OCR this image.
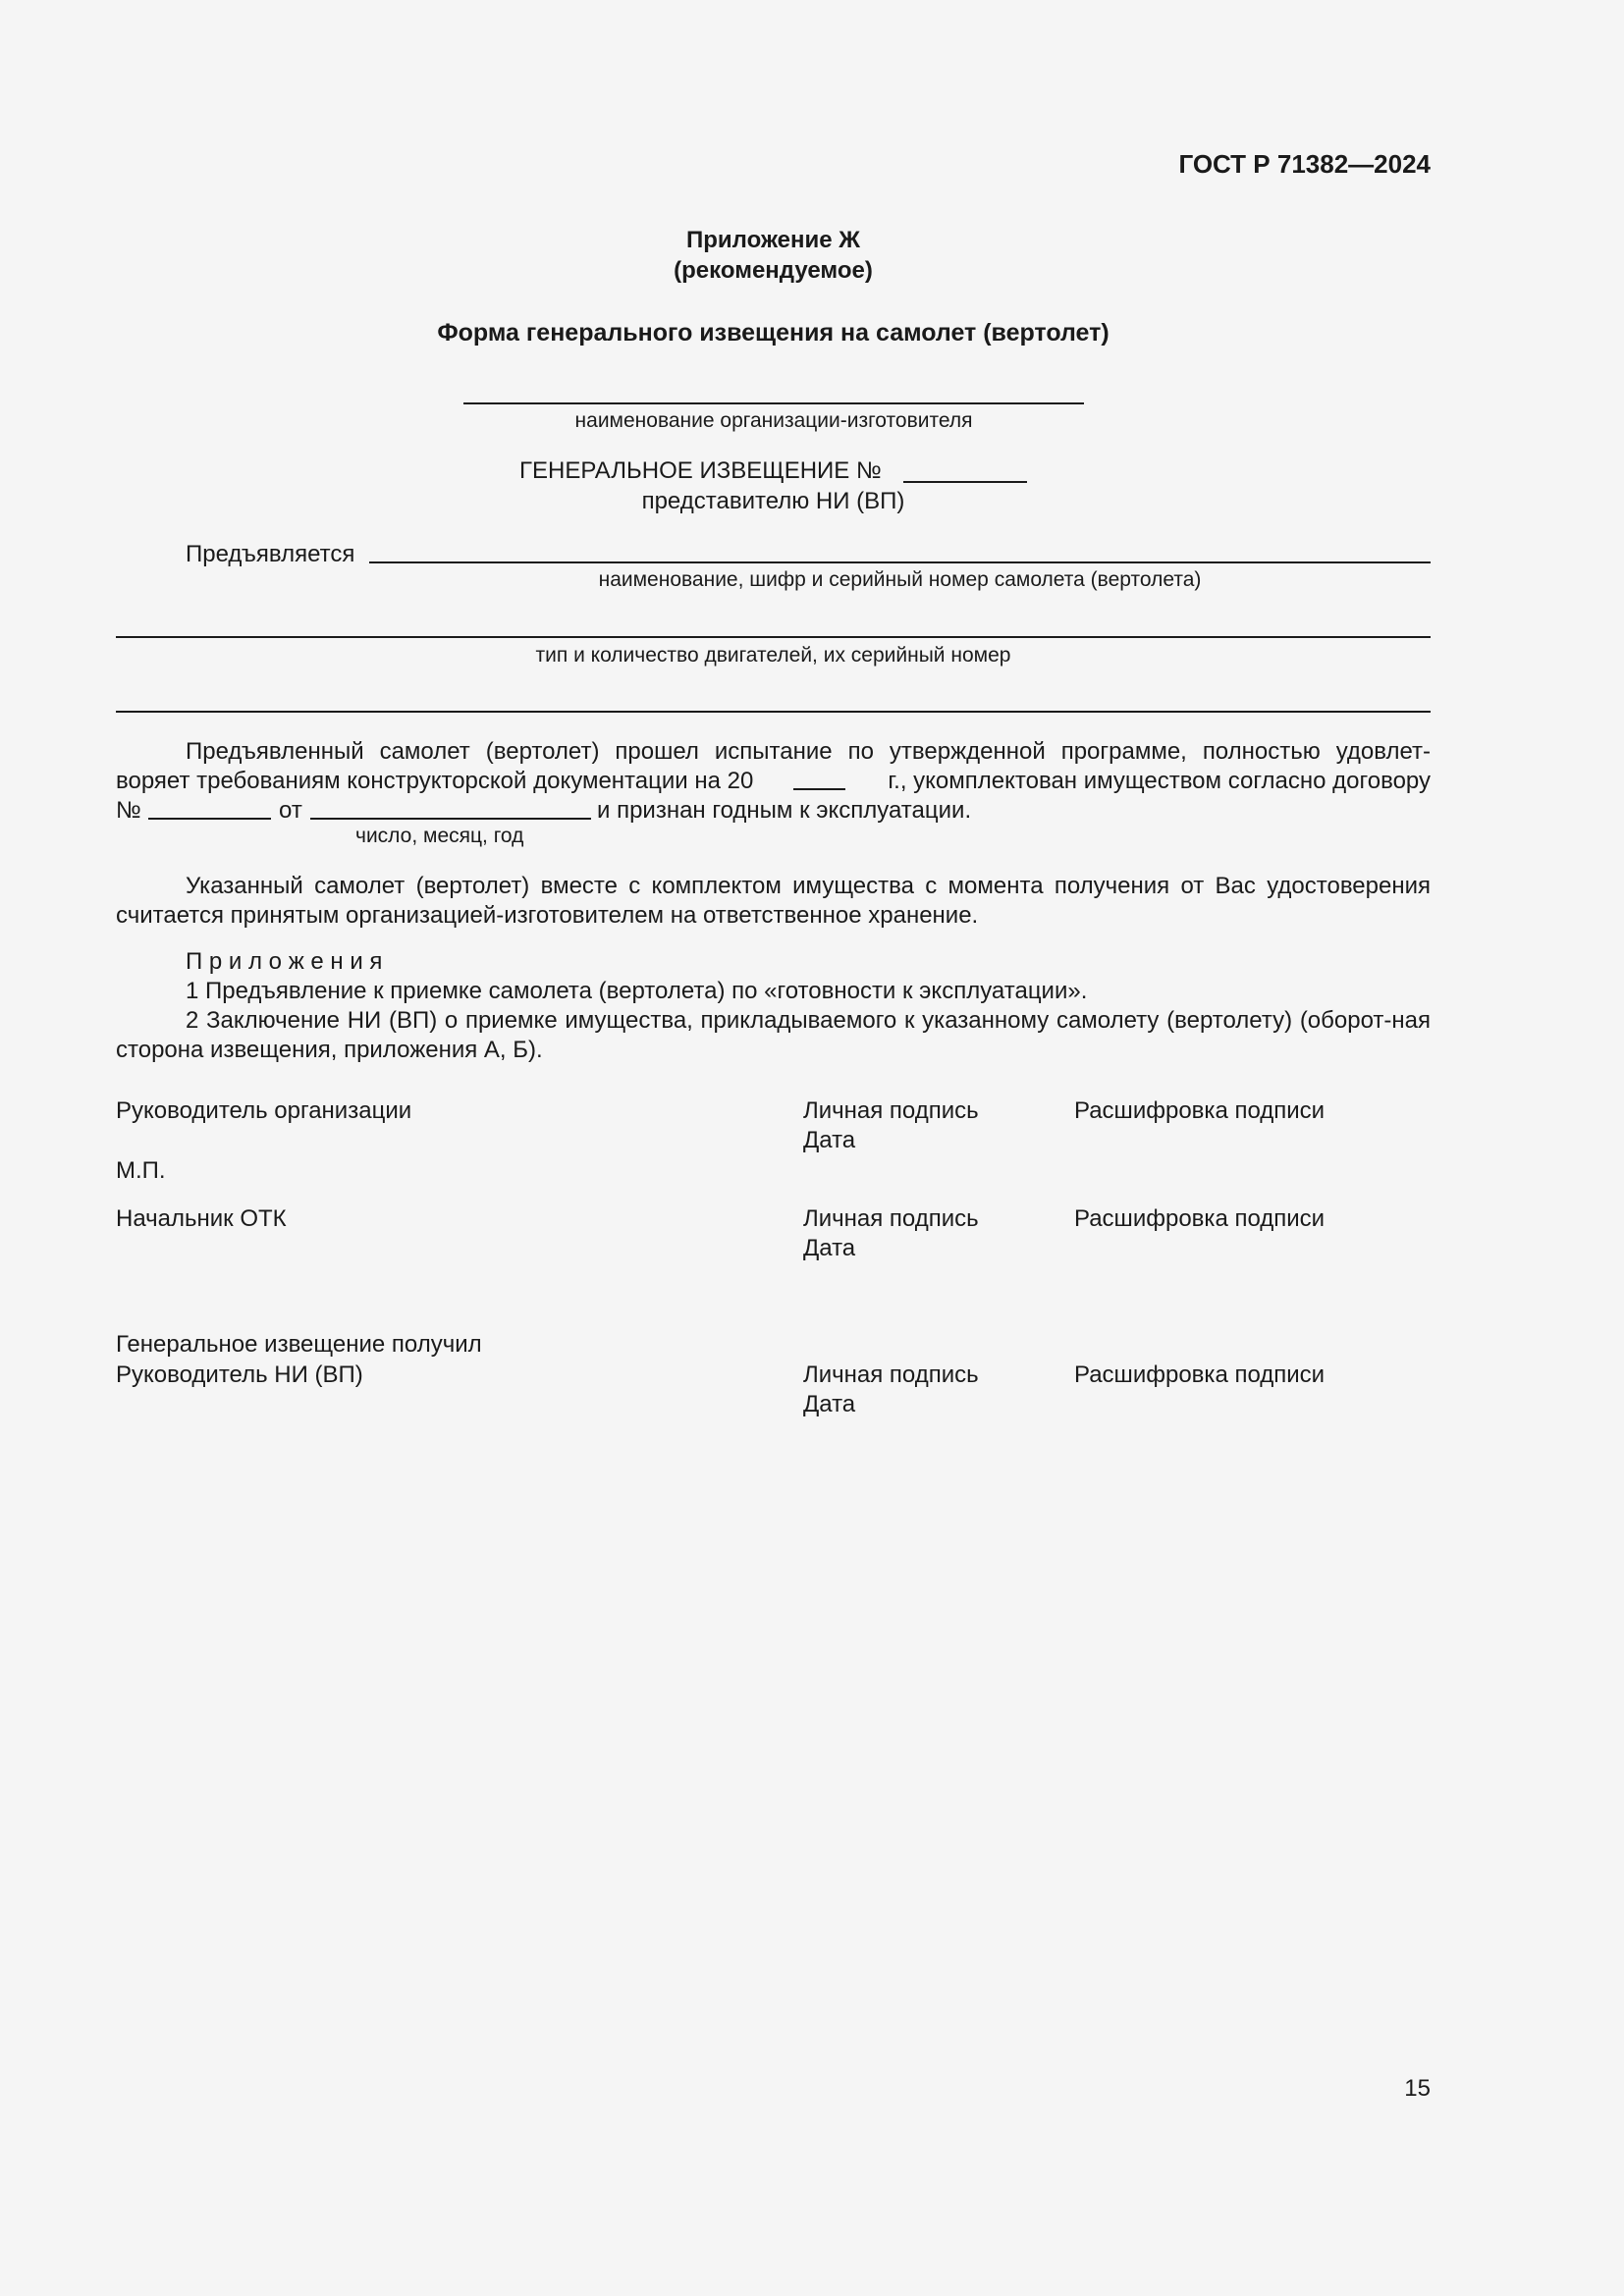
ГОСТ Р 71382—2024
Приложение Ж
(рекомендуемое)
Форма генерального извещения на самолет (вертолет)
наименование организации-изготовителя
ГЕНЕРАЛЬНОЕ ИЗВЕЩЕНИЕ №
представителю НИ (ВП)
Предъявляется
наименование, шифр и серийный номер самолета (вертолета)
тип и количество двигателей, их серийный номер
Предъявленный самолет (вертолет) прошел испытание по утвержденной программе, полностью удовлет-
воряет требованиям конструкторской документации на 20	г., укомплектован имуществом согласно договору
№	от	и признан годным к эксплуатации.
число, месяц, год
Указанный самолет (вертолет) вместе с комплектом имущества с момента получения от Вас удостоверения считается принятым организацией-изготовителем на ответственное хранение.
П р и л о ж е н и я
1 Предъявление к приемке самолета (вертолета) по «готовности к эксплуатации».
2 Заключение НИ (ВП) о приемке имущества, прикладываемого к указанному самолету (вертолету) (оборот-ная сторона извещения, приложения А, Б).
Руководитель организации	Личная подпись	Расшифровка подписи
Дата
М.П.
Начальник ОТК	Личная подпись	Расшифровка подписи
Дата
Генеральное извещение получил
Руководитель НИ (ВП)	Личная подпись	Расшифровка подписи
Дата
15
